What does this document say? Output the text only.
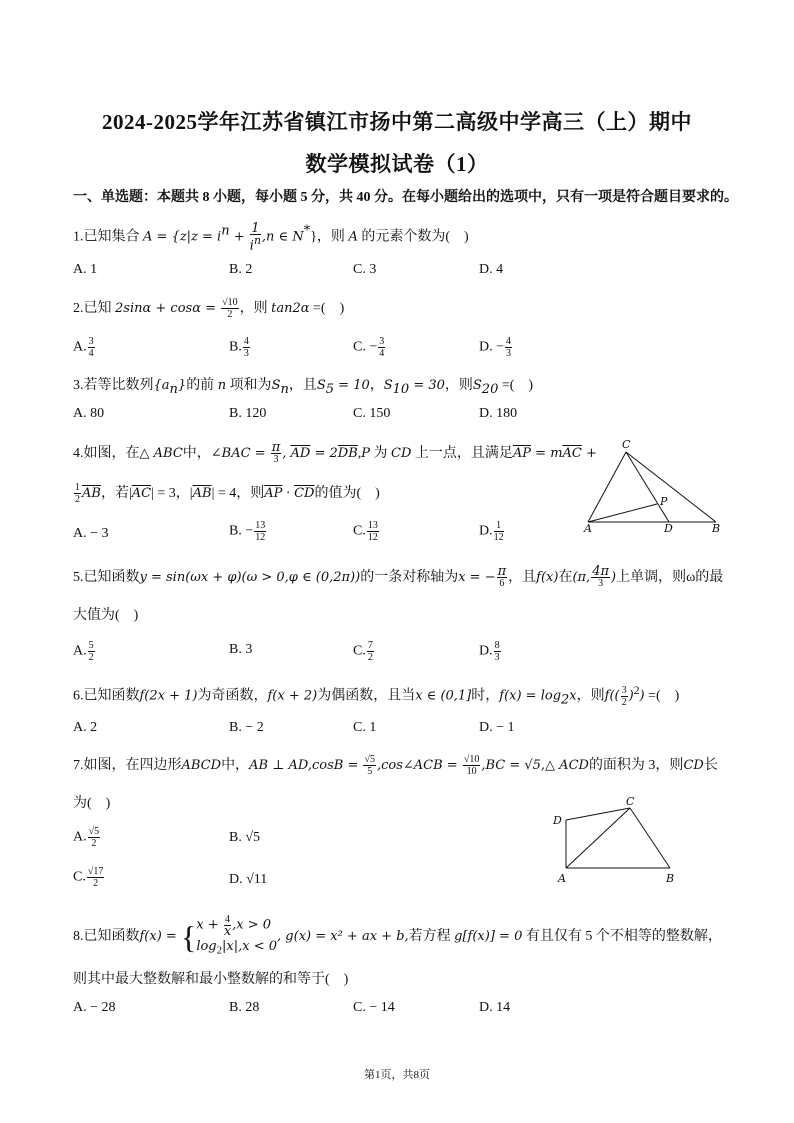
2024-2025学年江苏省镇江市扬中第二高级中学高三（上）期中
数学模拟试卷（1）
一、单选题：本题共 8 小题，每小题 5 分，共 40 分。在每小题给出的选项中，只有一项是符合题目要求的。
1.已知集合 $A = \{z|z = i^n + \frac{1}{i^n} ,n$ ∈ N*}，则 A 的元素个数为(　)
A. 1	B. 2	C. 3	D. 4
2.已知 $2\sin\alpha + \cos\alpha = \frac{√10}{2}$ ，则 tan2α =(　)
A. $\frac{3}{4}$	B. $\frac{4}{3}$	C. − $\frac{3}{4}$	D. − $\frac{4}{3}$
3.若等比数列$\{a_n\}$的前 n 项和为$S_n$，且$S_5 = 10$，$S_{10} = 30$，则$S_{20}$ =(　)
A. 80	B. 120	C. 150	D. 180
4.如图，在△ ABC中，∠BAC = $\frac{\pi}{3}$ , $\overline{AD} = 2\overline{DB},P$ 为 CD 上一点，且满足$\overline{AP} = m\overline{AC}$ +
$\frac{1}{2} \overline{AB}$，若$|\overline{AC}| = 3$，$|\overline{AB}| = 4$，则$\overline{AP} \cdot \overline{CD}$的值为(　)
A. − 3	B. − $\frac{13}{12}$	C. $\frac{13}{12}$	D. $\frac{1}{12}$
C
A	D	B
P
5.已知函数y = sin(ωx + φ)(ω > 0,φ ∈ (0,2π))的一条对称轴为x = − $\frac{\pi}{6}$ ，且f(x)在(π, $\frac{4\pi}{3}$ )上单调，则ω的最
大值为(　)
A. $\frac{5}{2}$	B. 3	C. $\frac{7}{2}$	D. $\frac{8}{3}$
6.已知函数f(2x + 1)为奇函数，f(x + 2)为偶函数，且当x ∈ (0,1]时，$f(x) = \log_2x$，则$f(( \frac{3}{2} )^2)$ =(　)
A. 2	B. − 2	C. 1	D. − 1
7.如图，在四边形ABCD中，AB ⊥ $AD,\cos B = \frac{√5}{5}$ ,cos∠ACB = $\frac{√10}{10} ,BC$ = √5,△ ACD的面积为 3，则CD长
为(　)
A. $\frac{√5}{2}$	B. √5
C. $\frac{√17}{2}$	D. √11
D
C
A	B
8.已知函数f(x) = { $x + \frac{4}{x} ,x > 0$
$\log_2|x|,x < 0$
, g(x) = x² + ax + b,若方程 g[f(x)] = 0 有且仅有 5 个不相等的整数解，
则其中最大整数解和最小整数解的和等于(　)
A. − 28	B. 28	C. − 14	D. 14
第1页，共8页
